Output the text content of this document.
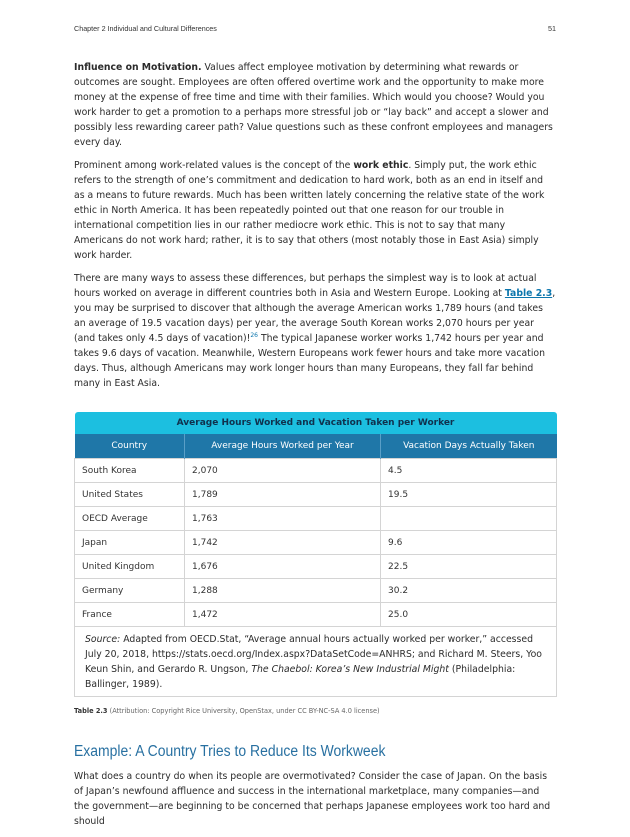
Chapter 2 Individual and Cultural Differences	51

Influence on Motivation. Values affect employee motivation by determining what rewards or outcomes are sought. Employees are often offered overtime work and the opportunity to make more money at the expense of free time and time with their families. Which would you choose? Would you work harder to get a promotion to a perhaps more stressful job or “lay back” and accept a slower and possibly less rewarding career path? Value questions such as these confront employees and managers every day.

Prominent among work-related values is the concept of the work ethic. Simply put, the work ethic refers to the strength of one’s commitment and dedication to hard work, both as an end in itself and as a means to future rewards. Much has been written lately concerning the relative state of the work ethic in North America. It has been repeatedly pointed out that one reason for our trouble in international competition lies in our rather mediocre work ethic. This is not to say that many Americans do not work hard; rather, it is to say that others (most notably those in East Asia) simply work harder.

There are many ways to assess these differences, but perhaps the simplest way is to look at actual hours worked on average in different countries both in Asia and Western Europe. Looking at Table 2.3, you may be surprised to discover that although the average American works 1,789 hours (and takes an average of 19.5 vacation days) per year, the average South Korean works 2,070 hours per year (and takes only 4.5 days of vacation)!$^{26}$ The typical Japanese worker works 1,742 hours per year and takes 9.6 days of vacation. Meanwhile, Western Europeans work fewer hours and take more vacation days. Thus, although Americans may work longer hours than many Europeans, they fall far behind many in East Asia.

Average Hours Worked and Vacation Taken per Worker		
Country	Average Hours Worked per Year	Vacation Days Actually Taken
South Korea	2,070	4.5
United States	1,789	19.5
OECD Average	1,763	
Japan	1,742	9.6
United Kingdom	1,676	22.5
Germany	1,288	30.2
France	1,472	25.0
Source: Adapted from OECD.Stat, “Average annual hours actually worked per worker,” accessed July 20, 2018, https://stats.oecd.org/Index.aspx?DataSetCode=ANHRS; and Richard M. Steers, Yoo Keun Shin, and Gerardo R. Ungson, The Chaebol: Korea’s New Industrial Might (Philadelphia: Ballinger, 1989).		
Table 2.3 (Attribution: Copyright Rice University, OpenStax, under CC BY-NC-SA 4.0 license)
Example: A Country Tries to Reduce Its Workweek

What does a country do when its people are overmotivated? Consider the case of Japan. On the basis of Japan’s newfound affluence and success in the international marketplace, many companies—and the government—are beginning to be concerned that perhaps Japanese employees work too hard and should
